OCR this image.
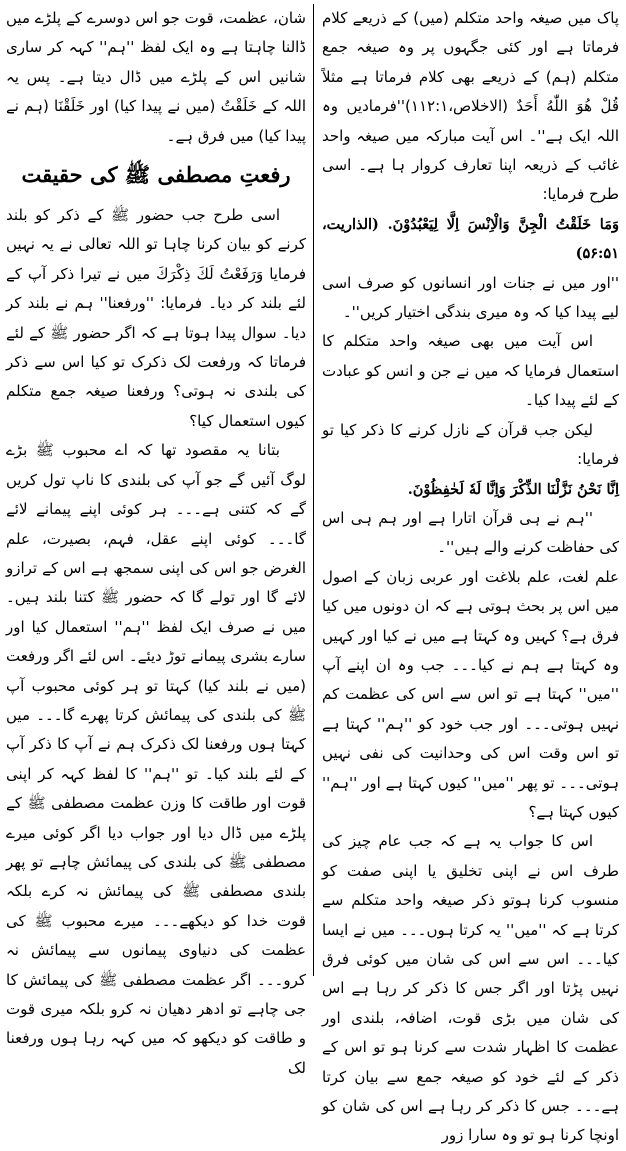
پاک میں صیغہ واحد متکلم (میں) کے ذریعے کلام فرماتا ہے اور کئی جگہوں پر وہ صیغہ جمع متکلم (ہم) کے ذریعے بھی کلام فرماتا ہے مثلاً قُلْ هُوَ اللّٰهُ أَحَدٌ (الاخلاص،۱۱۲:۱)''فرمادیں وہ اللہ ایک ہے''۔ اس آیت مبارکہ میں صیغہ واحد غائب کے ذریعہ اپنا تعارف کروار ہا ہے۔ اسی طرح فرمایا:

وَمَا خَلَقْتُ الْجِنَّ وَالْاِنْسَ اِلَّا لِيَعْبُدُوْنَ. (الذاریت، ۵۶:۵۱)

''اور میں نے جنات اور انسانوں کو صرف اسی لیے پیدا کیا کہ وہ میری بندگی اختیار کریں''۔

اس آیت میں بھی صیغہ واحد متکلم کا استعمال فرمایا کہ میں نے جن و انس کو عبادت کے لئے پیدا کیا۔

لیکن جب قرآن کے نازل کرنے کا ذکر کیا تو فرمایا:

اِنَّا نَحْنُ نَزَّلْنَا الذِّكْرَ وَاِنَّا لَهٗ لَحٰفِظُوْنَ.

''ہم نے ہی قرآن اتارا ہے اور ہم ہی اس کی حفاظت کرنے والے ہیں''۔

علم لغت، علم بلاغت اور عربی زبان کے اصول میں اس پر بحث ہوتی ہے کہ ان دونوں میں کیا فرق ہے؟ کہیں وہ کہتا ہے میں نے کیا اور کہیں وہ کہتا ہے ہم نے کیا۔۔۔ جب وہ ان اپنے آپ ''میں'' کہتا ہے تو اس سے اس کی عظمت کم نہیں ہوتی۔۔۔ اور جب خود کو ''ہم'' کہتا ہے تو اس وقت اس کی وحدانیت کی نفی نہیں ہوتی۔۔۔ تو پھر ''میں'' کیوں کہتا ہے اور ''ہم'' کیوں کہتا ہے؟

اس کا جواب یہ ہے کہ جب عام چیز کی طرف اس نے اپنی تخلیق یا اپنی صفت کو منسوب کرنا ہوتو ذکر صیغہ واحد متکلم سے کرتا ہے کہ ''میں'' یہ کرتا ہوں۔۔۔ میں نے ایسا کیا۔۔۔ اس سے اس کی شان میں کوئی فرق نہیں پڑتا اور اگر جس کا ذکر کر رہا ہے اس کی شان میں بڑی قوت، اضافہ، بلندی اور عظمت کا اظہار شدت سے کرنا ہو تو اس کے ذکر کے لئے خود کو صیغہ جمع سے بیان کرتا ہے۔۔۔ جس کا ذکر کر رہا ہے اس کی شان کو اونچا کرنا ہو تو وہ سارا زور

شان، عظمت، قوت جو اس دوسرے کے پلڑے میں ڈالنا چاہتا ہے وہ ایک لفظ ''ہم'' کہہ کر ساری شانیں اس کے پلڑے میں ڈال دیتا ہے۔ پس یہ اللہ کے خَلَقْتُ (میں نے پیدا کیا) اور خَلَقْنَا (ہم نے پیدا کیا) میں فرق ہے۔

رفعتِ مصطفی ﷺ کی حقیقت

اسی طرح جب حضور ﷺ کے ذکر کو بلند کرنے کو بیان کرنا چاہا تو اللہ تعالی نے یہ نہیں فرمایا وَرَفَعْتُ لَكَ ذِكْرَكَ میں نے تیرا ذکر آپ کے لئے بلند کر دیا۔ فرمایا: ''ورفعنا'' ہم نے بلند کر دیا۔ سوال پیدا ہوتا ہے کہ اگر حضور ﷺ کے لئے فرماتا کہ ورفعت لک ذکرک تو کیا اس سے ذکر کی بلندی نہ ہوتی؟ ورفعنا صیغہ جمع متکلم کیوں استعمال کیا؟

بتانا یہ مقصود تھا کہ اے محبوب ﷺ بڑے لوگ آئیں گے جو آپ کی بلندی کا ناپ تول کریں گے کہ کتنی ہے۔۔۔ ہر کوئی اپنے پیمانے لائے گا۔۔۔ کوئی اپنے عقل، فہم، بصیرت، علم الغرض جو اس کی اپنی سمجھ ہے اس کے ترازو لائے گا اور تولے گا کہ حضور ﷺ کتنا بلند ہیں۔ میں نے صرف ایک لفظ ''ہم'' استعمال کیا اور سارے بشری پیمانے توڑ دیئے۔ اس لئے اگر ورفعت (میں نے بلند کیا) کہتا تو ہر کوئی محبوب آپ ﷺ کی بلندی کی پیمائش کرتا پھرے گا۔۔۔ میں کہتا ہوں ورفعنا لک ذکرک ہم نے آپ کا ذکر آپ کے لئے بلند کیا۔ تو ''ہم'' کا لفظ کہہ کر اپنی قوت اور طاقت کا وزن عظمت مصطفی ﷺ کے پلڑے میں ڈال دیا اور جواب دیا اگر کوئی میرے مصطفی ﷺ کی بلندی کی پیمائش چاہے تو پھر بلندی مصطفی ﷺ کی پیمائش نہ کرے بلکہ قوت خدا کو دیکھے۔۔۔ میرے محبوب ﷺ کی عظمت کی دنیاوی پیمانوں سے پیمائش نہ کرو۔۔۔ اگر عظمت مصطفی ﷺ کی پیمائش کا جی چاہے تو ادھر دھیان نہ کرو بلکہ میری قوت و طاقت کو دیکھو کہ میں کہہ رہا ہوں ورفعنا لک
